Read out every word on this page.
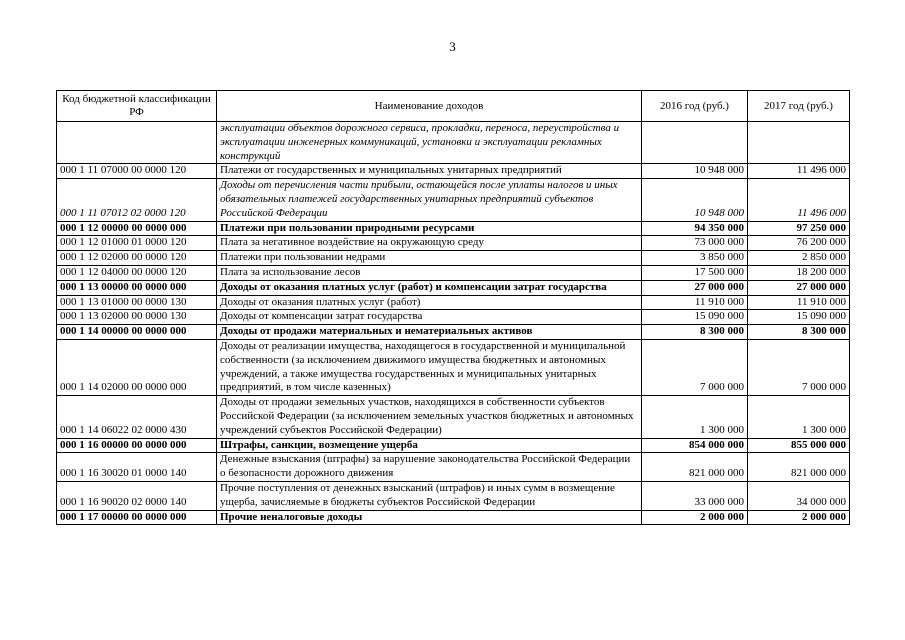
3
Код бюджетной классификации РФ	Наименование доходов	2016 год (руб.)	2017 год (руб.)
	эксплуатации объектов дорожного сервиса, прокладки, переноса, переустройства и эксплуатации инженерных коммуникаций, установки и эксплуатации рекламных конструкций		
000 1 11 07000 00 0000 120	Платежи от государственных и муниципальных унитарных предприятий	10 948 000	11 496 000
000 1 11 07012 02 0000 120	Доходы от перечисления части прибыли, остающейся после уплаты налогов и иных обязательных платежей государственных унитарных предприятий субъектов Российской Федерации	10 948 000	11 496 000
000 1 12 00000 00 0000 000	Платежи при пользовании природными ресурсами	94 350 000	97 250 000
000 1 12 01000 01 0000 120	Плата за негативное воздействие на окружающую среду	73 000 000	76 200 000
000 1 12 02000 00 0000 120	Платежи при пользовании недрами	3 850 000	2 850 000
000 1 12 04000 00 0000 120	Плата за использование лесов	17 500 000	18 200 000
000 1 13 00000 00 0000 000	Доходы от оказания платных услуг (работ) и компенсации затрат государства	27 000 000	27 000 000
000 1 13 01000 00 0000 130	Доходы от оказания платных услуг (работ)	11 910 000	11 910 000
000 1 13 02000 00 0000 130	Доходы от компенсации затрат государства	15 090 000	15 090 000
000 1 14 00000 00 0000 000	Доходы от продажи материальных и нематериальных активов	8 300 000	8 300 000
000 1 14 02000 00 0000 000	Доходы от реализации имущества, находящегося в государственной и муниципальной собственности (за исключением движимого имущества бюджетных и автономных учреждений, а также имущества государственных и муниципальных унитарных предприятий, в том числе казенных)	7 000 000	7 000 000
000 1 14 06022 02 0000 430	Доходы от продажи земельных участков, находящихся в собственности субъектов Российской Федерации (за исключением земельных участков бюджетных и автономных учреждений субъектов Российской Федерации)	1 300 000	1 300 000
000 1 16 00000 00 0000 000	Штрафы, санкции, возмещение ущерба	854 000 000	855 000 000
000 1 16 30020 01 0000 140	Денежные взыскания (штрафы) за нарушение законодательства Российской Федерации о безопасности дорожного движения	821 000 000	821 000 000
000 1 16 90020 02 0000 140	Прочие поступления от денежных взысканий (штрафов) и иных сумм в возмещение ущерба, зачисляемые в бюджеты субъектов Российской Федерации	33 000 000	34 000 000
000 1 17 00000 00 0000 000	Прочие неналоговые доходы	2 000 000	2 000 000
